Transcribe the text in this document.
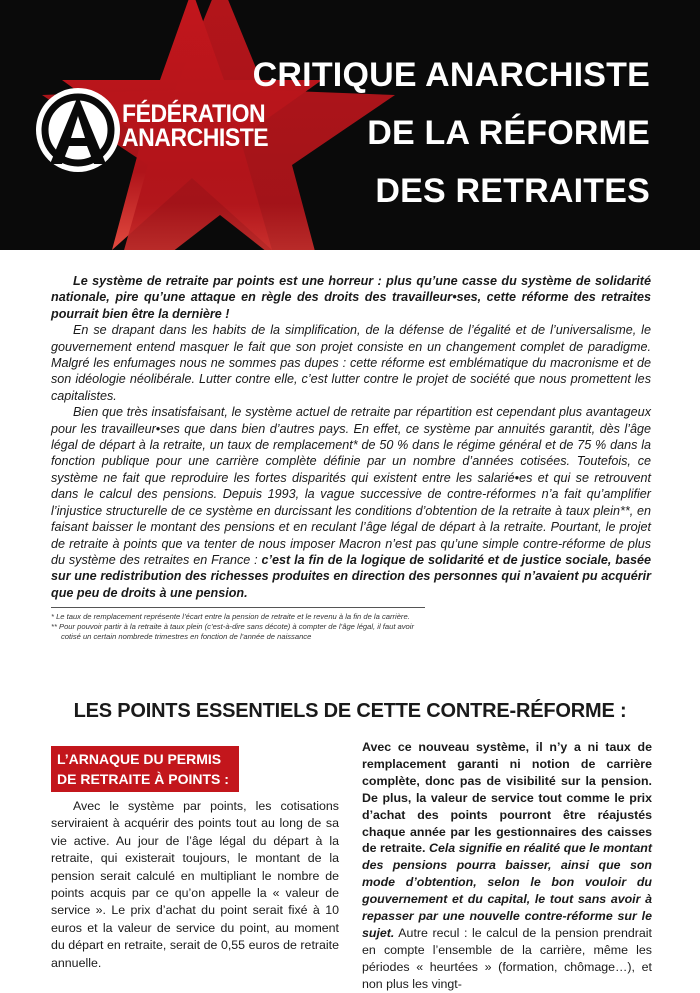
FÉDÉRATION
ANARCHISTE
CRITIQUE ANARCHISTE
DE LA RÉFORME
DES RETRAITES

Le système de retraite par points est une horreur : plus qu’une casse du système de solidarité nationale, pire qu’une attaque en règle des droits des travailleur•ses, cette réforme des retraites pourrait bien être la dernière !

En se drapant dans les habits de la simplification, de la défense de l’égalité et de l’universalisme, le gouvernement entend masquer le fait que son projet consiste en un changement complet de paradigme. Malgré les enfumages nous ne sommes pas dupes : cette réforme est emblématique du macronisme et de son idéologie néolibérale. Lutter contre elle, c’est lutter contre le projet de société que nous promettent les capitalistes.

Bien que très insatisfaisant, le système actuel de retraite par répartition est cependant plus avantageux pour les travailleur•ses que dans bien d’autres pays. En effet, ce système par annuités garantit, dès l’âge légal de départ à la retraite, un taux de remplacement* de 50 % dans le régime général et de 75 % dans la fonction publique pour une carrière complète définie par un nombre d’années cotisées. Toutefois, ce système ne fait que reproduire les fortes disparités qui existent entre les salarié•es et qui se retrouvent dans le calcul des pensions. Depuis 1993, la vague successive de contre-réformes n’a fait qu’amplifier l’injustice structurelle de ce système en durcissant les conditions d’obtention de la retraite à taux plein**, en faisant baisser le montant des pensions et en reculant l’âge légal de départ à la retraite. Pourtant, le projet de retraite à points que va tenter de nous imposer Macron n’est pas qu’une simple contre-réforme de plus du système des retraites en France : c’est la fin de la logique de solidarité et de justice sociale, basée sur une redistribution des richesses produites en direction des personnes qui n’avaient pu acquérir que peu de droits à une pension.

* Le taux de remplacement représente l’écart entre la pension de retraite et le revenu à la fin de la carrière.

** Pour pouvoir partir à la retraite à taux plein (c’est-à-dire sans décote) à compter de l’âge légal, il faut avoir

cotisé un certain nombrede trimestres en fonction de l’année de naissance

LES POINTS ESSENTIELS DE CETTE CONTRE-RÉFORME :
L’ARNAQUE DU PERMIS
DE RETRAITE À POINTS :

Avec le système par points, les cotisations serviraient à acquérir des points tout au long de sa vie active. Au jour de l’âge légal du départ à la retraite, qui existerait toujours, le montant de la pension serait calculé en multipliant le nombre de points acquis par ce qu’on appelle la « valeur de service ». Le prix d’achat du point serait fixé à 10 euros et la valeur de service du point, au moment du départ en retraite, serait de 0,55 euros de retraite annuelle.

Avec ce nouveau système, il n’y a ni taux de remplacement garanti ni notion de carrière complète, donc pas de visibilité sur la pension. De plus, la valeur de service tout comme le prix d’achat des points pourront être réajustés chaque année par les gestionnaires des caisses de retraite. Cela signifie en réalité que le montant des pensions pourra baisser, ainsi que son mode d’obtention, selon le bon vouloir du gouvernement et du capital, le tout sans avoir à repasser par une nouvelle contre-réforme sur le sujet. Autre recul : le calcul de la pension prendrait en compte l’ensemble de la carrière, même les périodes « heurtées » (formation, chômage…), et non plus les vingt-
